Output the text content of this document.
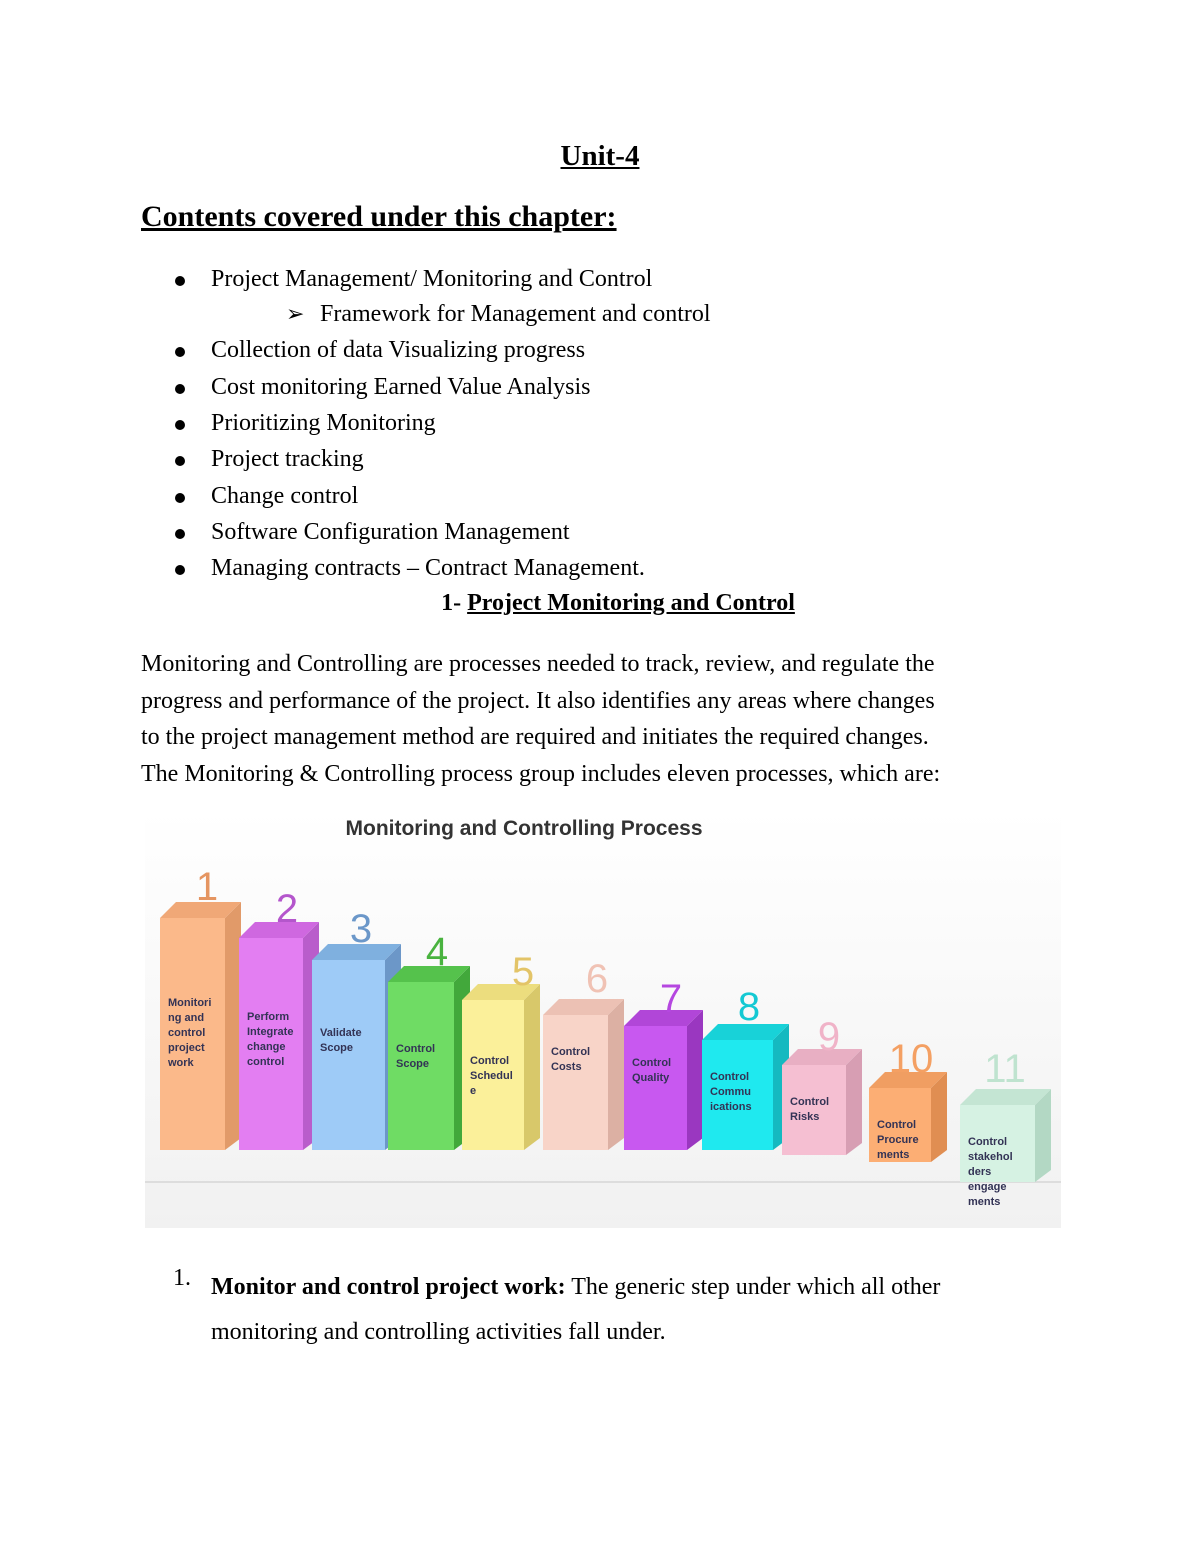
Unit-4
Contents covered under this chapter:
Project Management/ Monitoring and Control
➢ Framework for Management and control
Collection of data Visualizing progress
Cost monitoring Earned Value Analysis
Prioritizing Monitoring
Project tracking
Change control
Software Configuration Management
Managing contracts – Contract Management.
1- Project Monitoring and Control
Monitoring and Controlling are processes needed to track, review, and regulate the
progress and performance of the project. It also identifies any areas where changes
to the project management method are required and initiates the required changes.
The Monitoring & Controlling process group includes eleven processes, which are:
Monitoring and Controlling Process
1
Monitori ng and control project work
2
Perform Integrate change control
3
Validate Scope
4
Control Scope
5
Control Schedul e
6
Control Costs
7
Control Quality
8
Control Commu ications
9
Control Risks
10
Control Procure ments
11
Control stakehol ders engage ments
1. Monitor and control project work: The generic step under which all other
monitoring and controlling activities fall under.
